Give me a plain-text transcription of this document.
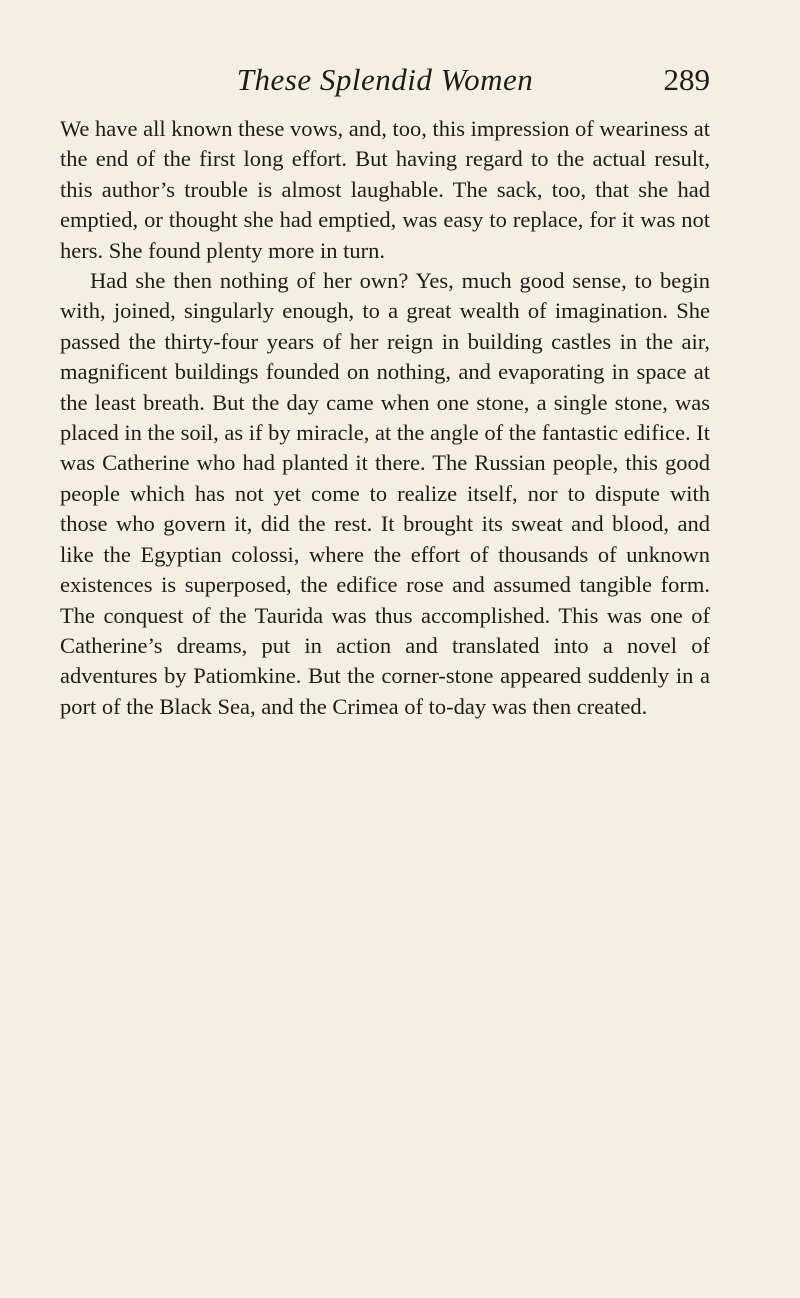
These Splendid Women	289

We have all known these vows, and, too, this impression of weariness at the end of the first long effort. But having regard to the actual result, this author’s trouble is almost laughable. The sack, too, that she had emptied, or thought she had emptied, was easy to replace, for it was not hers. She found plenty more in turn.

Had she then nothing of her own? Yes, much good sense, to begin with, joined, singularly enough, to a great wealth of imagination. She passed the thirty-four years of her reign in building castles in the air, magnificent buildings founded on nothing, and evaporating in space at the least breath. But the day came when one stone, a single stone, was placed in the soil, as if by miracle, at the angle of the fantastic edifice. It was Catherine who had planted it there. The Russian people, this good people which has not yet come to realize itself, nor to dispute with those who govern it, did the rest. It brought its sweat and blood, and like the Egyptian colossi, where the effort of thousands of unknown existences is superposed, the edifice rose and assumed tangible form. The conquest of the Taurida was thus accomplished. This was one of Catherine’s dreams, put in action and translated into a novel of adventures by Patiomkine. But the corner-stone appeared suddenly in a port of the Black Sea, and the Crimea of to-day was then created.
